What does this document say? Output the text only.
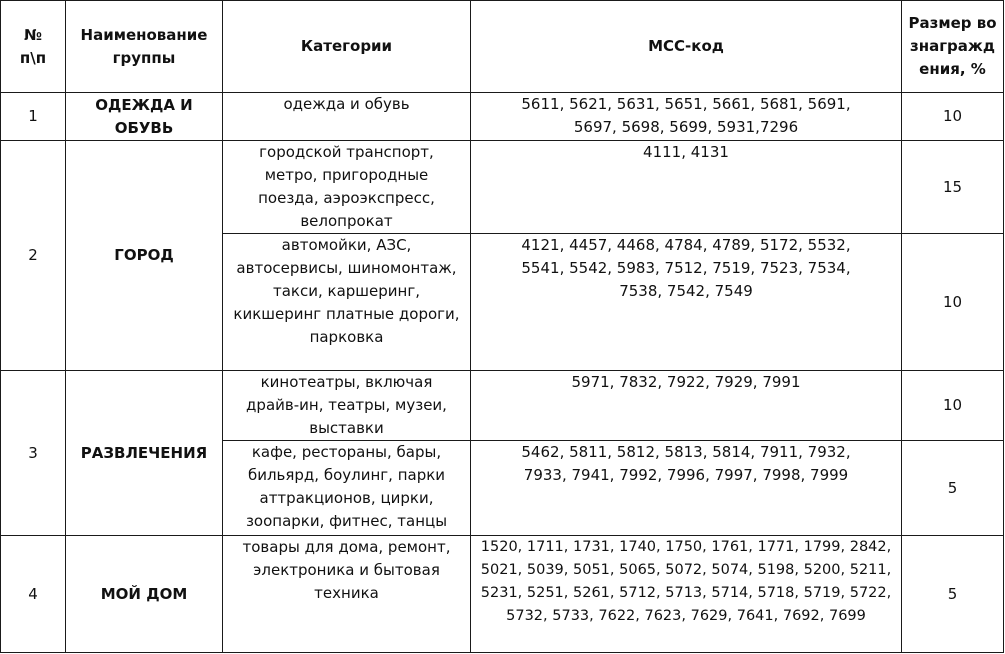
№ п\п	Наименование группы	Категории	МСС-код	Размер вознаграждения, %

1	ОДЕЖДА И ОБУВЬ	одежда и обувь	5611, 5621, 5631, 5651, 5661, 5681, 5691, 5697, 5698, 5699, 5931,7296	10
2	ГОРОД	городской транспорт, метро, пригородные поезда, аэроэкспресс, велопрокат	4111, 4131	15
		автомойки, АЗС, автосервисы, шиномонтаж, такси, каршеринг, кикшеринг платные дороги, парковка	4121, 4457, 4468, 4784, 4789, 5172, 5532, 5541, 5542, 5983, 7512, 7519, 7523, 7534, 7538, 7542, 7549	10
3	РАЗВЛЕЧЕНИЯ	кинотеатры, включая драйв-ин, театры, музеи, выставки	5971, 7832, 7922, 7929, 7991	10
		кафе, рестораны, бары, бильярд, боулинг, парки аттракционов, цирки, зоопарки, фитнес, танцы	5462, 5811, 5812, 5813, 5814, 7911, 7932, 7933, 7941, 7992, 7996, 7997, 7998, 7999	5
4	МОЙ ДОМ	товары для дома, ремонт, электроника и бытовая техника	1520, 1711, 1731, 1740, 1750, 1761, 1771, 1799, 2842, 5021, 5039, 5051, 5065, 5072, 5074, 5198, 5200, 5211, 5231, 5251, 5261, 5712, 5713, 5714, 5718, 5719, 5722, 5732, 5733, 7622, 7623, 7629, 7641, 7692, 7699	5
